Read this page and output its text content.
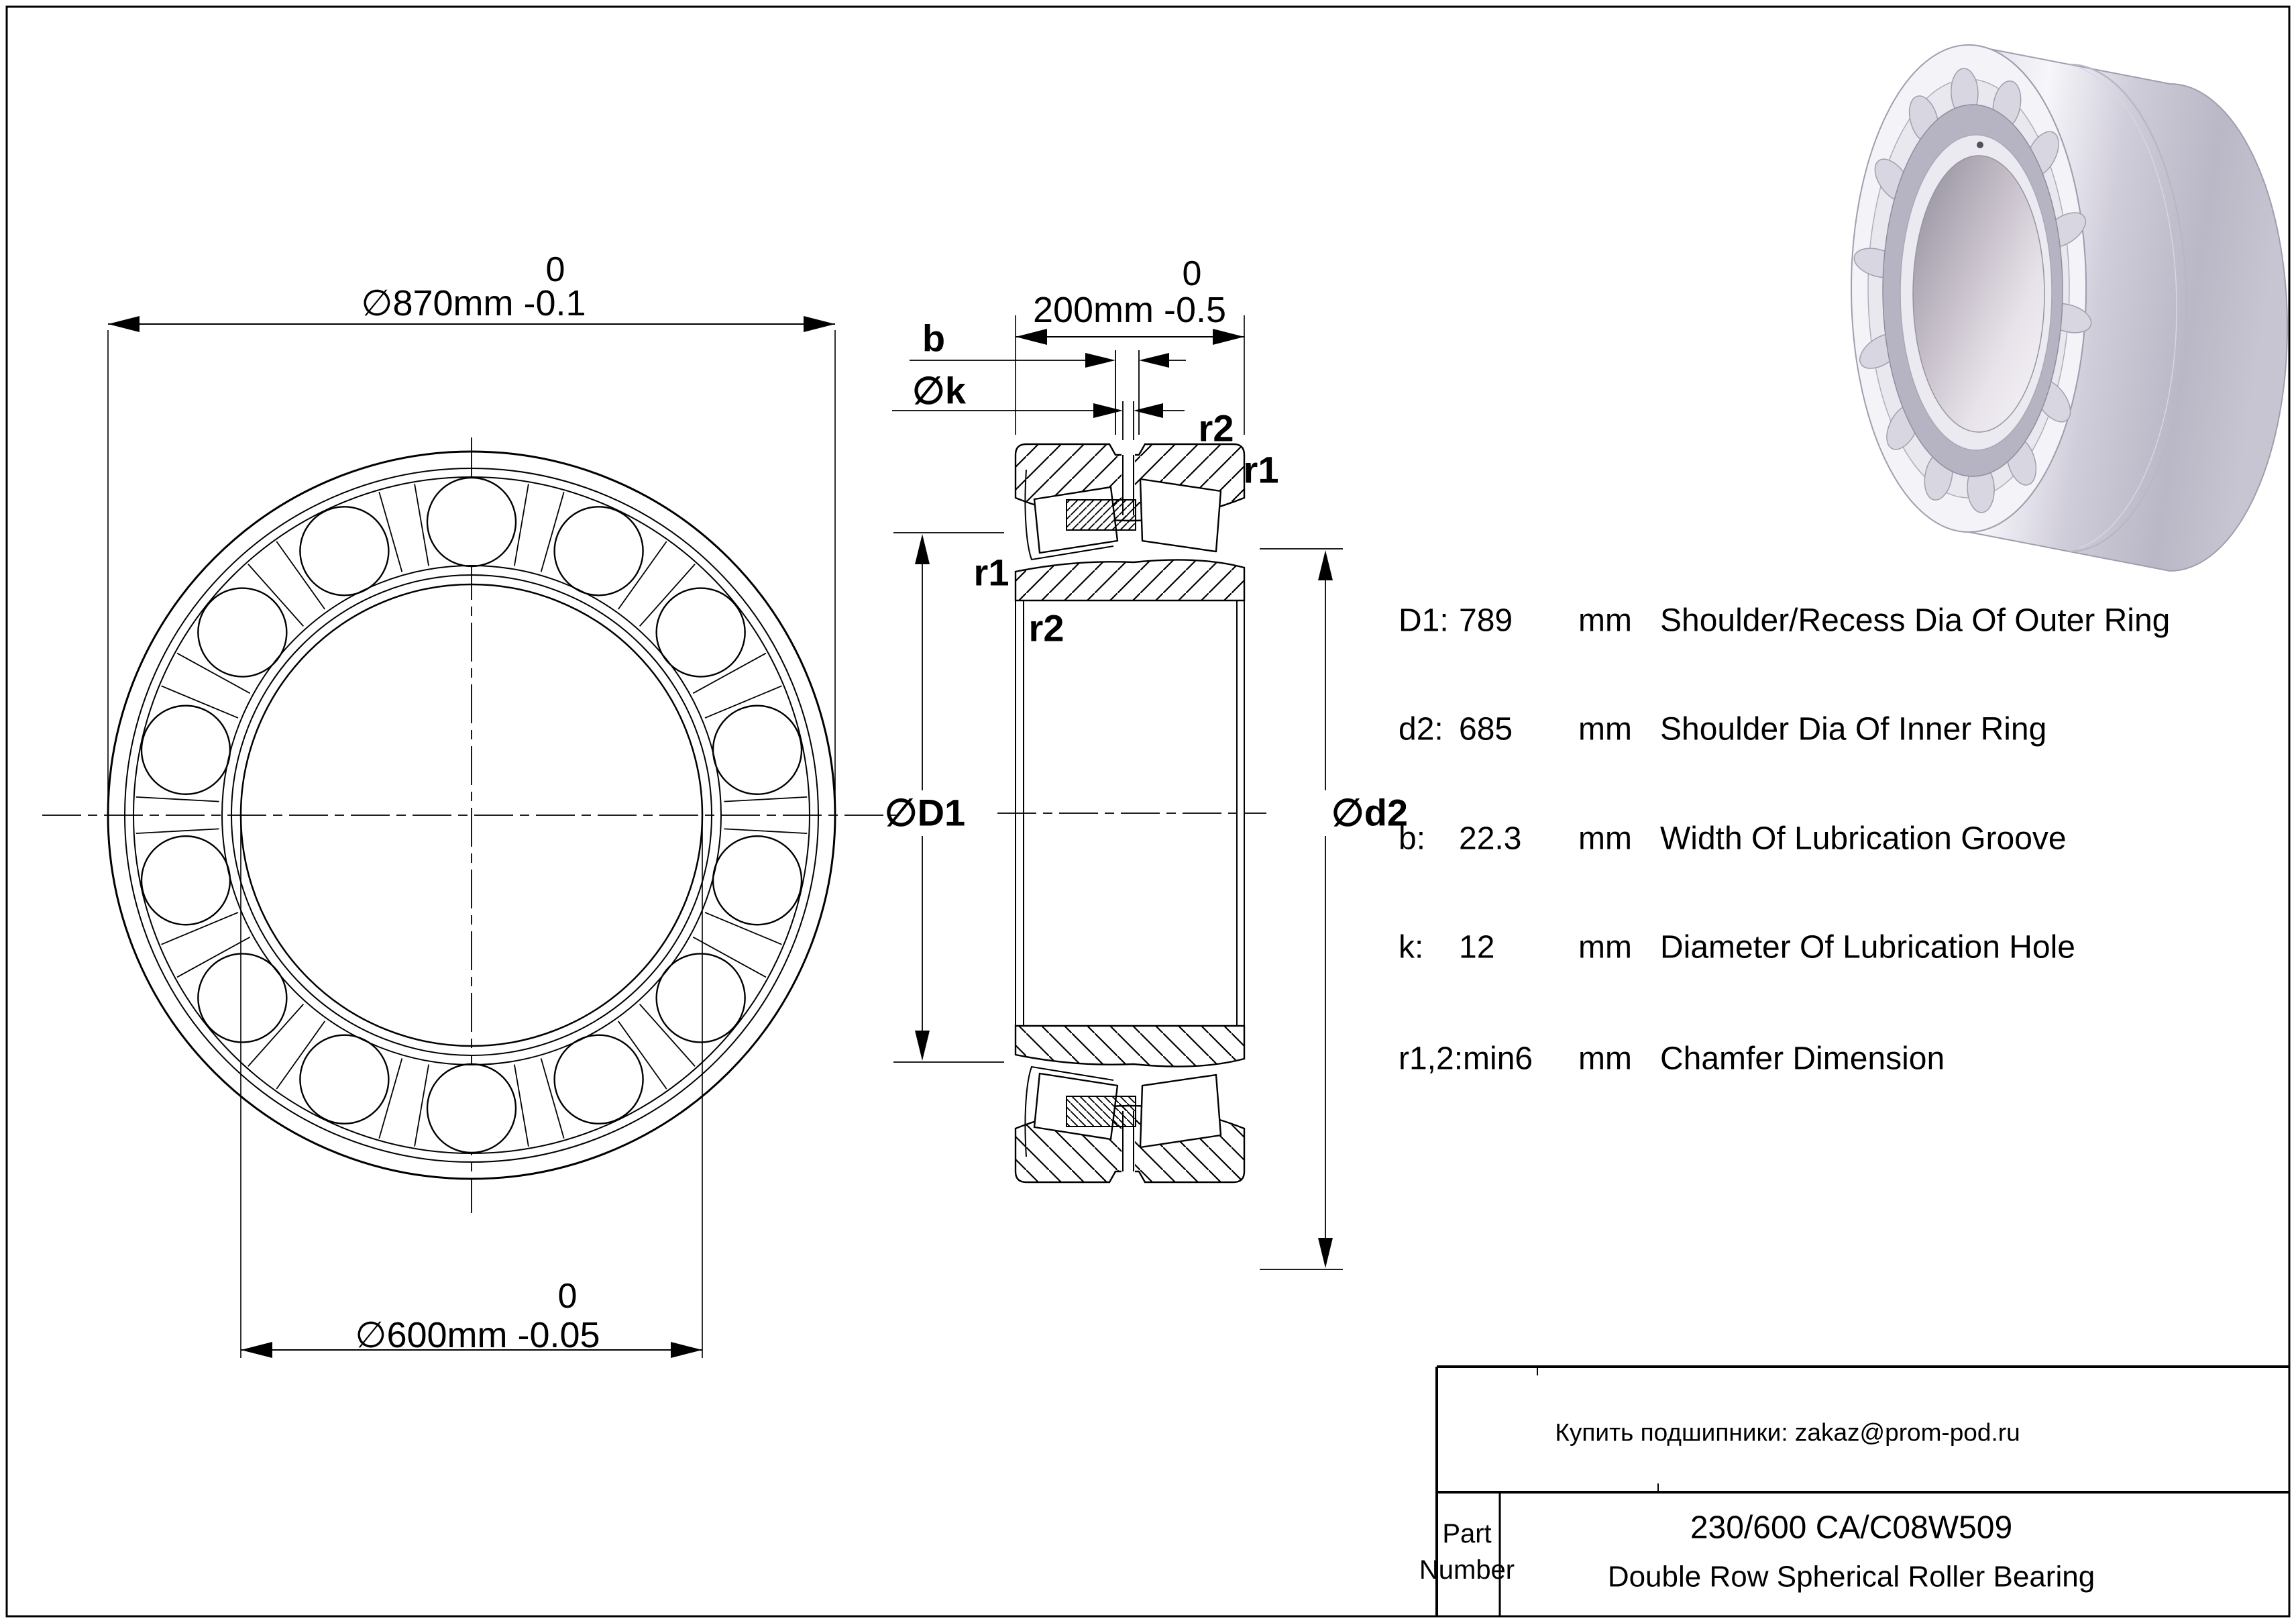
0
∅870mm -0.1
0
∅600mm -0.05
0
200mm -0.5
b
∅k
∅D1	∅d2
r2
r1
r1
r2	D1: 789 mm Shoulder/Recess Dia Of Outer Ring
d2: 685 mm Shoulder Dia Of Inner Ring
b: 22.3 mm Width Of Lubrication Groove
k: 12	mm Diameter Of Lubrication Hole
r1,2:min6 mm Chamfer Dimension
Купить подшипники: zakaz@prom-pod.ru
Part
Number
230/600 CA/C08W509
Double Row Spherical Roller Bearing
